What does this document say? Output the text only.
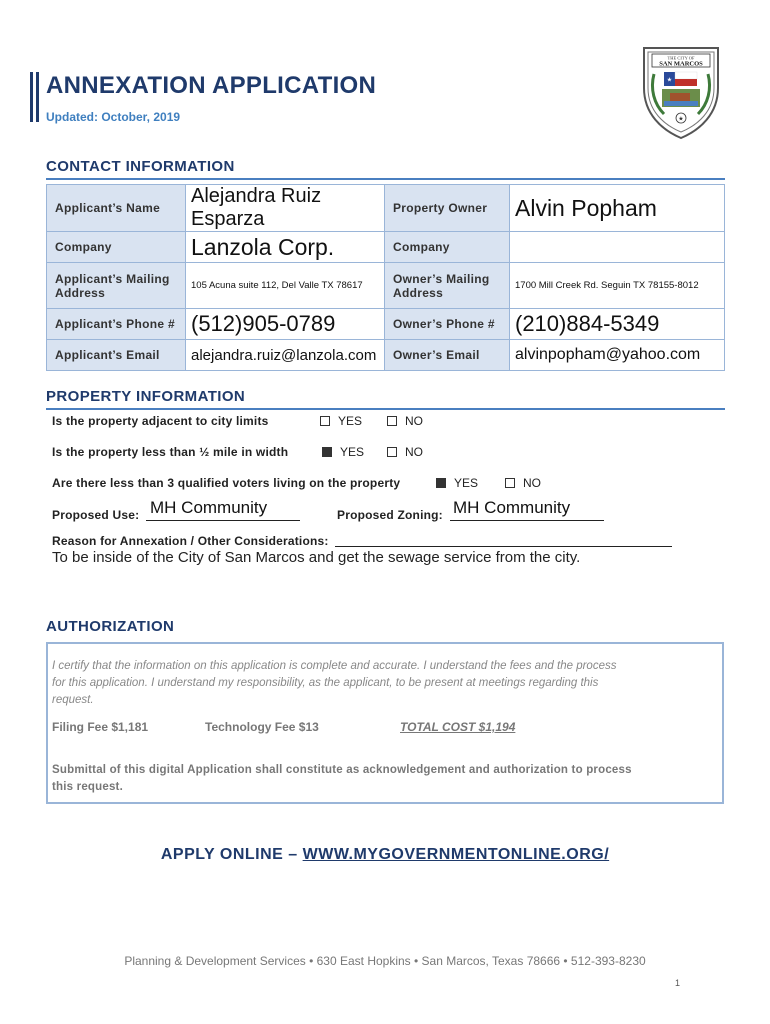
ANNEXATION APPLICATION
Updated: October, 2019
THE CITY OF
SAN MARCOS
★
★
CONTACT INFORMATION
Applicant’s Name	Alejandra Ruiz Esparza	Property Owner	Alvin Popham
Company	Lanzola Corp.	Company	
Applicant’s Mailing Address	105 Acuna suite 112, Del Valle TX 78617	Owner’s Mailing Address	1700 Mill Creek Rd. Seguin TX 78155-8012
Applicant’s Phone #	(512)905-0789	Owner’s Phone #	(210)884-5349
Applicant’s Email	alejandra.ruiz@lanzola.com	Owner’s Email	alvinpopham@yahoo.com
PROPERTY INFORMATION
Is the property adjacent to city limits	YES	NO
Is the property less than ½ mile in width	YES	NO
Are there less than 3 qualified voters living on the property	YES	NO
Proposed Use: MH Community	Proposed Zoning: MH Community
Reason for Annexation / Other Considerations:
To be inside of the City of San Marcos and get the sewage service from the city.
AUTHORIZATION
I certify that the information on this application is complete and accurate. I understand the fees and the process
for this application. I understand my responsibility, as the applicant, to be present at meetings regarding this
request.
Filing Fee $1,181	Technology Fee $13	TOTAL COST $1,194
Submittal of this digital Application shall constitute as acknowledgement and authorization to process
this request.
APPLY ONLINE – WWW.MYGOVERNMENTONLINE.ORG/
Planning & Development Services • 630 East Hopkins • San Marcos, Texas 78666 • 512-393-8230
1
